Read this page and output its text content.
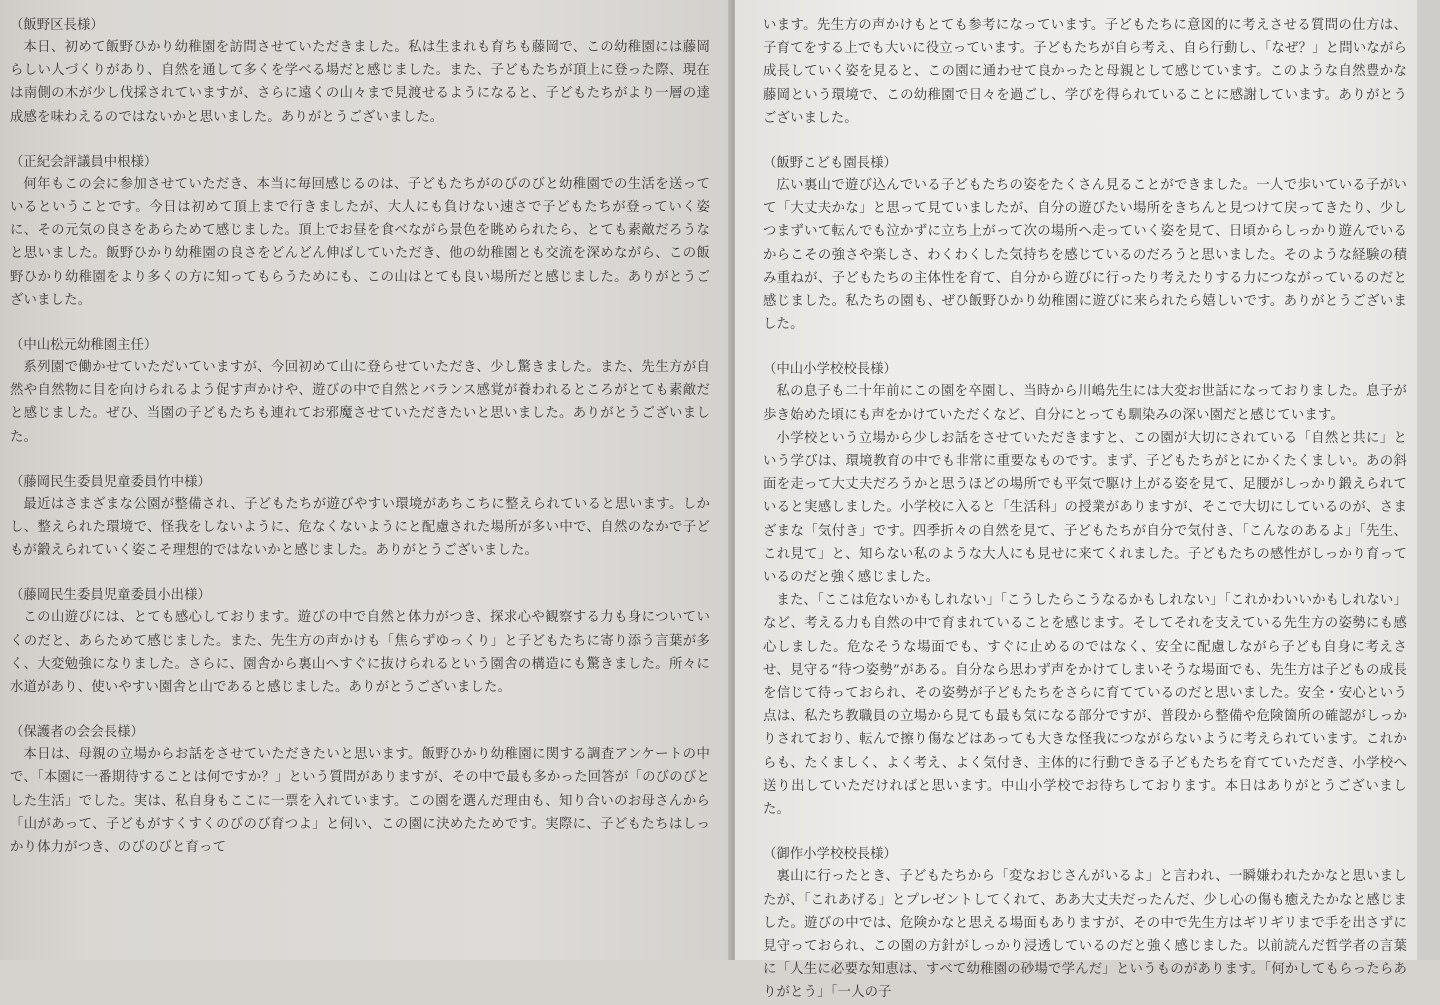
（飯野区長様）

本日、初めて飯野ひかり幼稚園を訪問させていただきました。私は生まれも育ちも藤岡で、この幼稚園には藤岡らしい人づくりがあり、自然を通して多くを学べる場だと感じました。また、子どもたちが頂上に登った際、現在は南側の木が少し伐採されていますが、さらに遠くの山々まで見渡せるようになると、子どもたちがより一層の達成感を味わえるのではないかと思いました。ありがとうございました。

（正紀会評議員中根様）

何年もこの会に参加させていただき、本当に毎回感じるのは、子どもたちがのびのびと幼稚園での生活を送っているということです。今日は初めて頂上まで行きましたが、大人にも負けない速さで子どもたちが登っていく姿に、その元気の良さをあらためて感じました。頂上でお昼を食べながら景色を眺められたら、とても素敵だろうなと思いました。飯野ひかり幼稚園の良さをどんどん伸ばしていただき、他の幼稚園とも交流を深めながら、この飯野ひかり幼稚園をより多くの方に知ってもらうためにも、この山はとても良い場所だと感じました。ありがとうございました。

（中山松元幼稚園主任）

系列園で働かせていただいていますが、今回初めて山に登らせていただき、少し驚きました。また、先生方が自然や自然物に目を向けられるよう促す声かけや、遊びの中で自然とバランス感覚が養われるところがとても素敵だと感じました。ぜひ、当園の子どもたちも連れてお邪魔させていただきたいと思いました。ありがとうございました。

（藤岡民生委員児童委員竹中様）

最近はさまざまな公園が整備され、子どもたちが遊びやすい環境があちこちに整えられていると思います。しかし、整えられた環境で、怪我をしないように、危なくないようにと配慮された場所が多い中で、自然のなかで子どもが鍛えられていく姿こそ理想的ではないかと感じました。ありがとうございました。

（藤岡民生委員児童委員小出様）

この山遊びには、とても感心しております。遊びの中で自然と体力がつき、探求心や観察する力も身についていくのだと、あらためて感じました。また、先生方の声かけも「焦らずゆっくり」と子どもたちに寄り添う言葉が多く、大変勉強になりました。さらに、園舎から裏山へすぐに抜けられるという園舎の構造にも驚きました。所々に水道があり、使いやすい園舎と山であると感じました。ありがとうございました。

（保護者の会会長様）

本日は、母親の立場からお話をさせていただきたいと思います。飯野ひかり幼稚園に関する調査アンケートの中で、「本園に一番期待することは何ですか？」という質問がありますが、その中で最も多かった回答が「のびのびとした生活」でした。実は、私自身もここに一票を入れています。この園を選んだ理由も、知り合いのお母さんから「山があって、子どもがすくすくのびのび育つよ」と伺い、この園に決めたためです。実際に、子どもたちはしっかり体力がつき、のびのびと育って

います。先生方の声かけもとても参考になっています。子どもたちに意図的に考えさせる質問の仕方は、子育てをする上でも大いに役立っています。子どもたちが自ら考え、自ら行動し、「なぜ？」と問いながら成長していく姿を見ると、この園に通わせて良かったと母親として感じています。このような自然豊かな藤岡という環境で、この幼稚園で日々を過ごし、学びを得られていることに感謝しています。ありがとうございました。

（飯野こども園長様）

広い裏山で遊び込んでいる子どもたちの姿をたくさん見ることができました。一人で歩いている子がいて「大丈夫かな」と思って見ていましたが、自分の遊びたい場所をきちんと見つけて戻ってきたり、少しつまずいて転んでも泣かずに立ち上がって次の場所へ走っていく姿を見て、日頃からしっかり遊んでいるからこその強さや楽しさ、わくわくした気持ちを感じているのだろうと思いました。そのような経験の積み重ねが、子どもたちの主体性を育て、自分から遊びに行ったり考えたりする力につながっているのだと感じました。私たちの園も、ぜひ飯野ひかり幼稚園に遊びに来られたら嬉しいです。ありがとうございました。

（中山小学校校長様）

私の息子も二十年前にこの園を卒園し、当時から川嶋先生には大変お世話になっておりました。息子が歩き始めた頃にも声をかけていただくなど、自分にとっても馴染みの深い園だと感じています。

小学校という立場から少しお話をさせていただきますと、この園が大切にされている「自然と共に」という学びは、環境教育の中でも非常に重要なものです。まず、子どもたちがとにかくたくましい。あの斜面を走って大丈夫だろうかと思うほどの場所でも平気で駆け上がる姿を見て、足腰がしっかり鍛えられていると実感しました。小学校に入ると「生活科」の授業がありますが、そこで大切にしているのが、さまざまな「気付き」です。四季折々の自然を見て、子どもたちが自分で気付き、「こんなのあるよ」「先生、これ見て」と、知らない私のような大人にも見せに来てくれました。子どもたちの感性がしっかり育っているのだと強く感じました。

また、「ここは危ないかもしれない」「こうしたらこうなるかもしれない」「これかわいいかもしれない」など、考える力も自然の中で育まれていることを感じます。そしてそれを支えている先生方の姿勢にも感心しました。危なそうな場面でも、すぐに止めるのではなく、安全に配慮しながら子ども自身に考えさせ、見守る“待つ姿勢”がある。自分なら思わず声をかけてしまいそうな場面でも、先生方は子どもの成長を信じて待っておられ、その姿勢が子どもたちをさらに育てているのだと思いました。安全・安心という点は、私たち教職員の立場から見ても最も気になる部分ですが、普段から整備や危険箇所の確認がしっかりされており、転んで擦り傷などはあっても大きな怪我につながらないように考えられています。これからも、たくましく、よく考え、よく気付き、主体的に行動できる子どもたちを育てていただき、小学校へ送り出していただければと思います。中山小学校でお待ちしております。本日はありがとうございました。

（御作小学校校長様）

裏山に行ったとき、子どもたちから「変なおじさんがいるよ」と言われ、一瞬嫌われたかなと思いましたが、「これあげる」とプレゼントしてくれて、ああ大丈夫だったんだ、少し心の傷も癒えたかなと感じました。遊びの中では、危険かなと思える場面もありますが、その中で先生方はギリギリまで手を出さずに見守っておられ、この園の方針がしっかり浸透しているのだと強く感じました。以前読んだ哲学者の言葉に「人生に必要な知恵は、すべて幼稚園の砂場で学んだ」というものがあります。「何かしてもらったらありがとう」「一人の子
